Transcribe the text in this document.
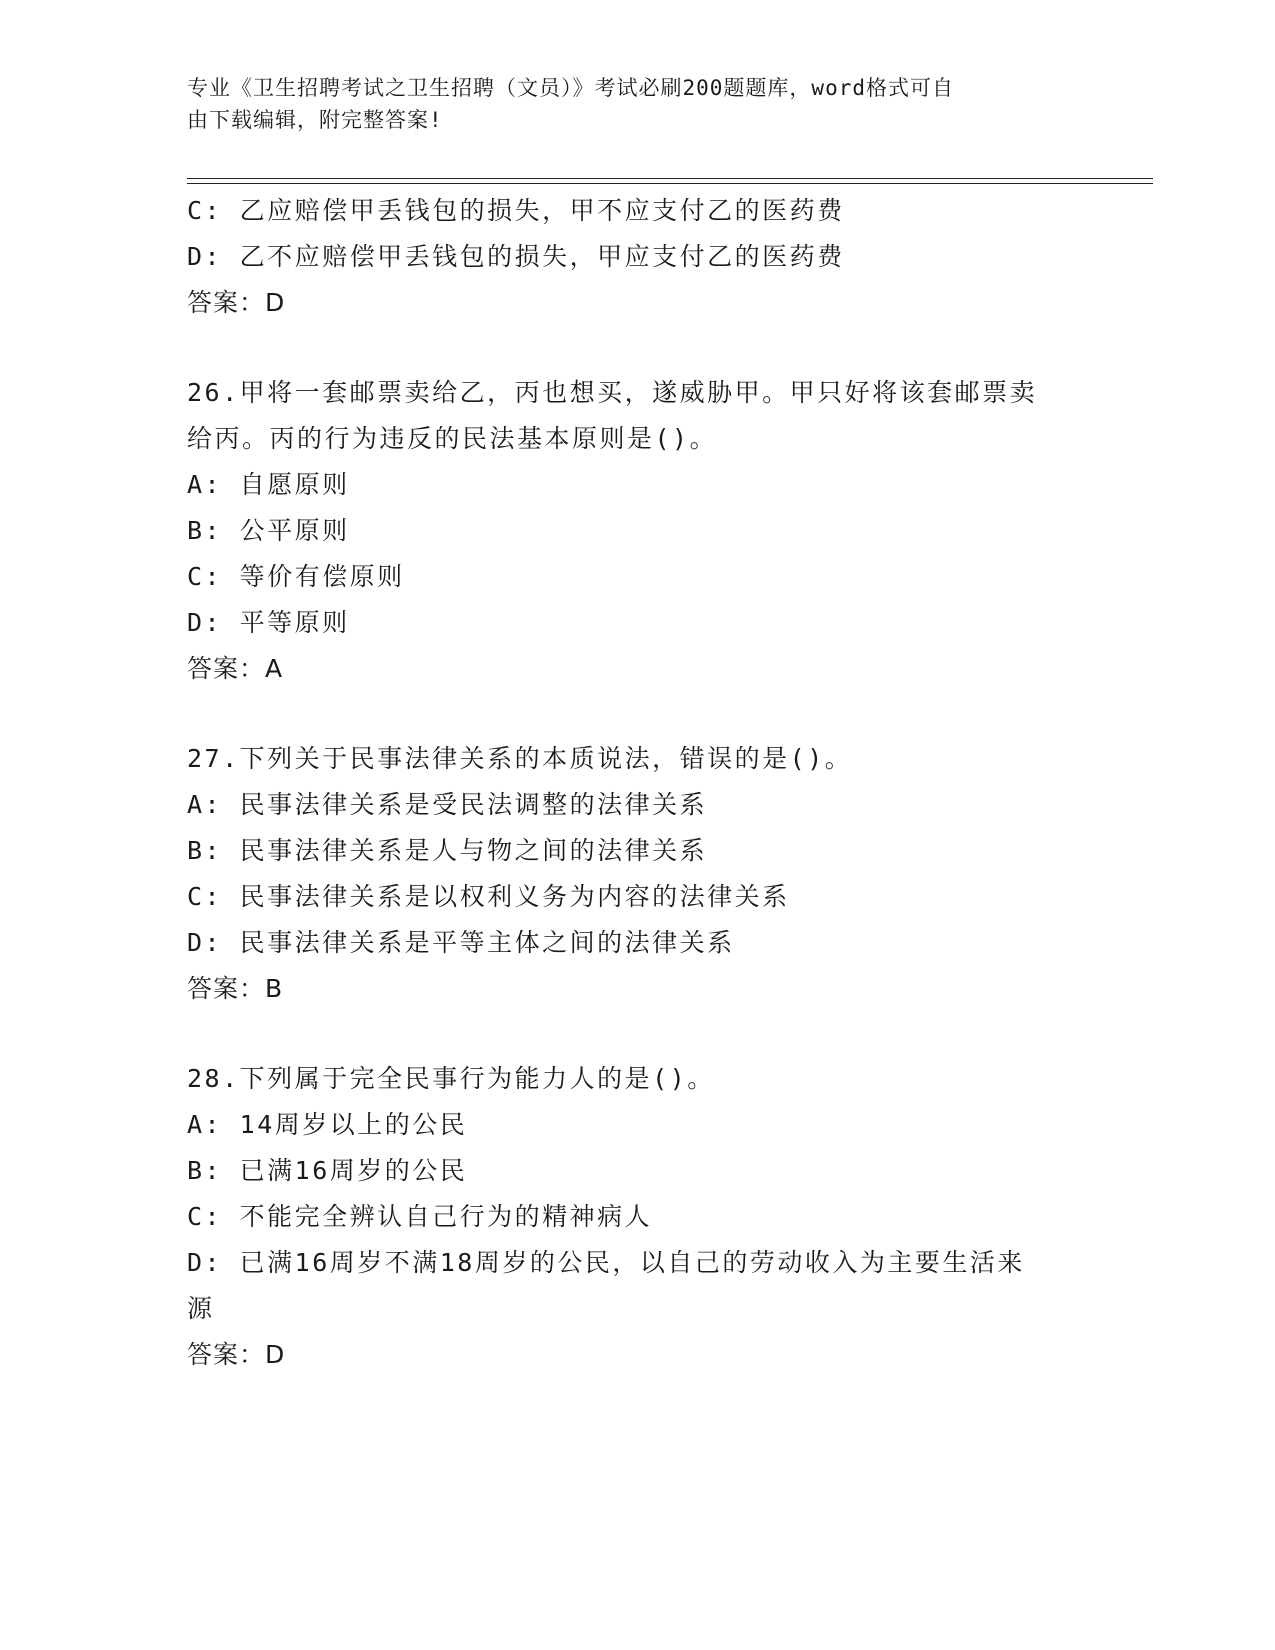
专业《卫生招聘考试之卫生招聘（文员）》考试必刷200题题库，word格式可自
由下载编辑，附完整答案!
C: 乙应赔偿甲丢钱包的损失，甲不应支付乙的医药费
D: 乙不应赔偿甲丢钱包的损失，甲应支付乙的医药费
答案：D
26.甲将一套邮票卖给乙，丙也想买，遂威胁甲。甲只好将该套邮票卖
给丙。丙的行为违反的民法基本原则是()。
A: 自愿原则
B: 公平原则
C: 等价有偿原则
D: 平等原则
答案：A
27.下列关于民事法律关系的本质说法，错误的是()。
A: 民事法律关系是受民法调整的法律关系
B: 民事法律关系是人与物之间的法律关系
C: 民事法律关系是以权利义务为内容的法律关系
D: 民事法律关系是平等主体之间的法律关系
答案：B
28.下列属于完全民事行为能力人的是()。
A: 14周岁以上的公民
B: 已满16周岁的公民
C: 不能完全辨认自己行为的精神病人
D: 已满16周岁不满18周岁的公民，以自己的劳动收入为主要生活来
源
答案：D
